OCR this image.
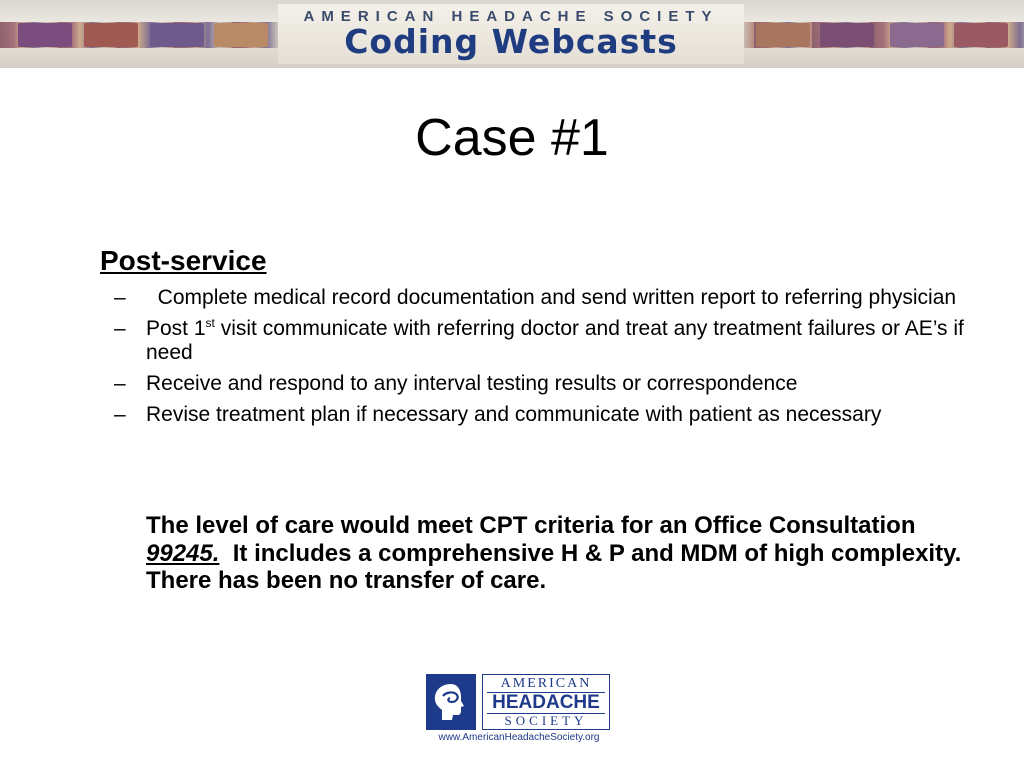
AMERICAN HEADACHE SOCIETY
Coding Webcasts
Case #1
Post-service
– Complete medical record documentation and send written report to referring physician
– Post 1st visit communicate with referring doctor and treat any treatment failures or AE’s if need
– Receive and respond to any interval testing results or correspondence
– Revise treatment plan if necessary and communicate with patient as necessary
The level of care would meet CPT criteria for an Office Consultation 99245.  It includes a comprehensive H & P and MDM of high complexity.  There has been no transfer of care.
AMERICAN
HEADACHE
SOCIETY
www.AmericanHeadacheSociety.org
